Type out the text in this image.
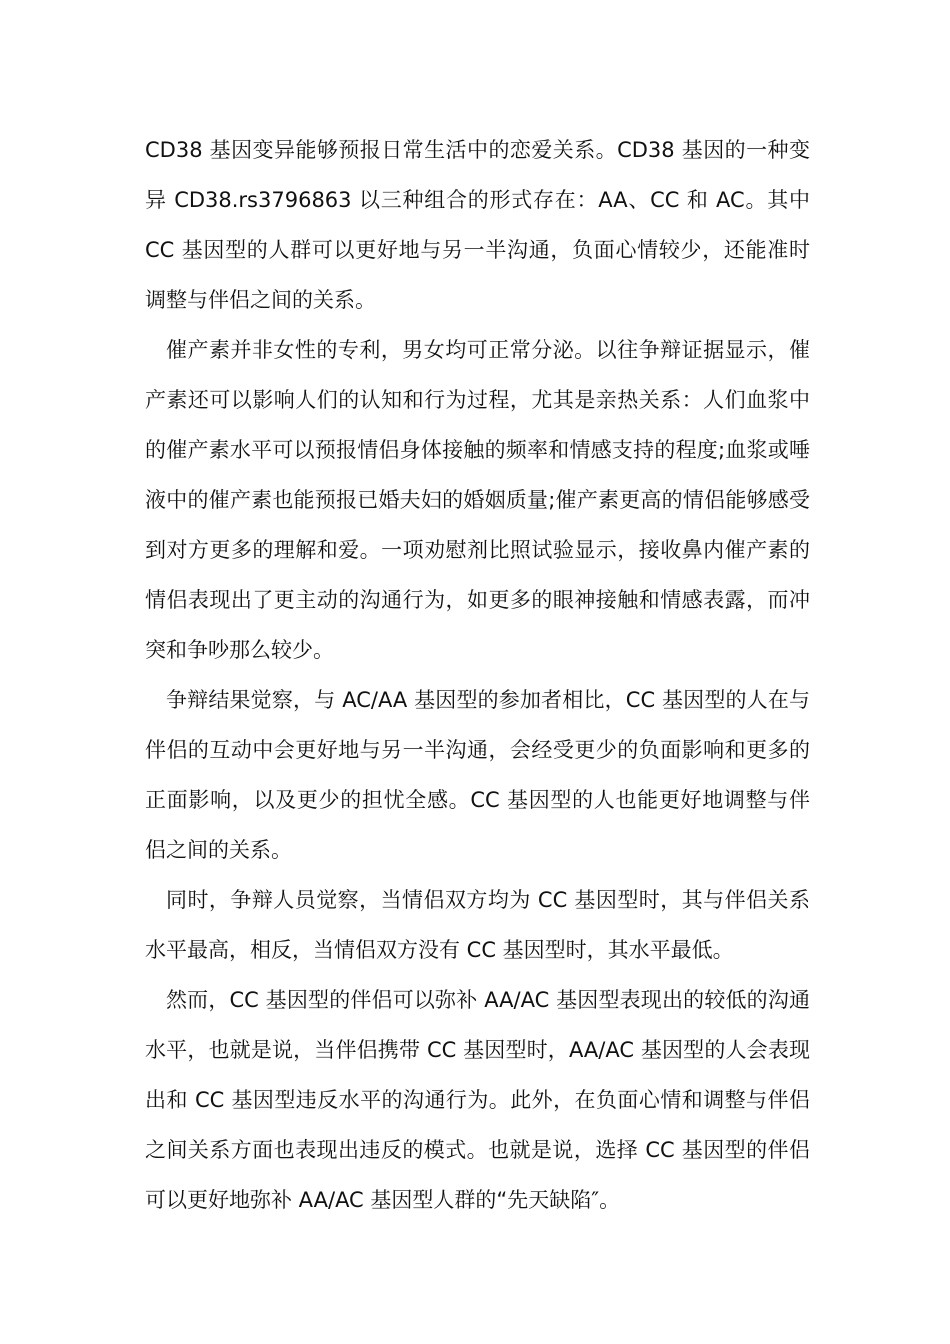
CD38 基因变异能够预报日常生活中的恋爱关系。CD38 基因的一种变异 CD38.rs3796863 以三种组合的形式存在：AA、CC 和 AC。其中 CC 基因型的人群可以更好地与另一半沟通，负面心情较少，还能准时调整与伴侣之间的关系。

催产素并非女性的专利，男女均可正常分泌。以往争辩证据显示，催产素还可以影响人们的认知和行为过程，尤其是亲热关系：人们血浆中的催产素水平可以预报情侣身体接触的频率和情感支持的程度;血浆或唾液中的催产素也能预报已婚夫妇的婚姻质量;催产素更高的情侣能够感受到对方更多的理解和爱。一项劝慰剂比照试验显示，接收鼻内催产素的情侣表现出了更主动的沟通行为，如更多的眼神接触和情感表露，而冲突和争吵那么较少。

争辩结果觉察，与 AC/AA 基因型的参加者相比，CC 基因型的人在与伴侣的互动中会更好地与另一半沟通，会经受更少的负面影响和更多的正面影响，以及更少的担忧全感。CC 基因型的人也能更好地调整与伴侣之间的关系。

同时，争辩人员觉察，当情侣双方均为 CC 基因型时，其与伴侣关系水平最高，相反，当情侣双方没有 CC 基因型时，其水平最低。

然而，CC 基因型的伴侣可以弥补 AA/AC 基因型表现出的较低的沟通水平，也就是说，当伴侣携带 CC 基因型时，AA/AC 基因型的人会表现出和 CC 基因型违反水平的沟通行为。此外，在负面心情和调整与伴侣之间关系方面也表现出违反的模式。也就是说，选择 CC 基因型的伴侣可以更好地弥补 AA/AC 基因型人群的“先天缺陷″。
